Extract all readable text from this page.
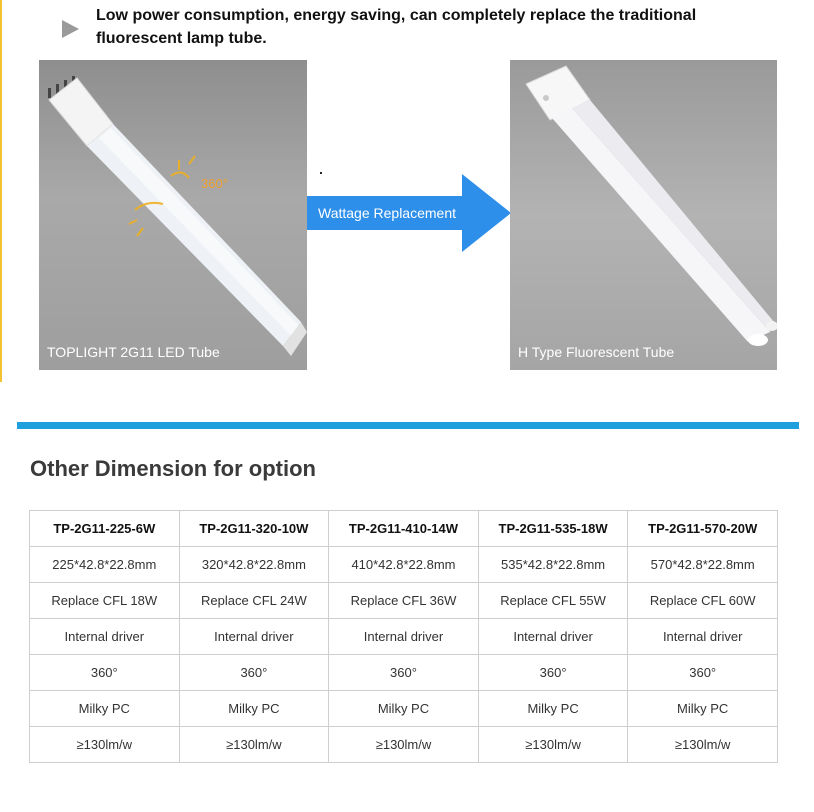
Low power consumption, energy saving, can completely replace the traditional fluorescent lamp tube.
360°
TOPLIGHT 2G11 LED Tube
Wattage Replacement
H Type Fluorescent Tube
Other Dimension for option
TP-2G11-225-6W	TP-2G11-320-10W	TP-2G11-410-14W	TP-2G11-535-18W	TP-2G11-570-20W
225*42.8*22.8mm	320*42.8*22.8mm	410*42.8*22.8mm	535*42.8*22.8mm	570*42.8*22.8mm
Replace CFL 18W	Replace CFL 24W	Replace CFL 36W	Replace CFL 55W	Replace CFL 60W
Internal driver	Internal driver	Internal driver	Internal driver	Internal driver
360°	360°	360°	360°	360°
Milky PC	Milky PC	Milky PC	Milky PC	Milky PC
≥130lm/w	≥130lm/w	≥130lm/w	≥130lm/w	≥130lm/w
